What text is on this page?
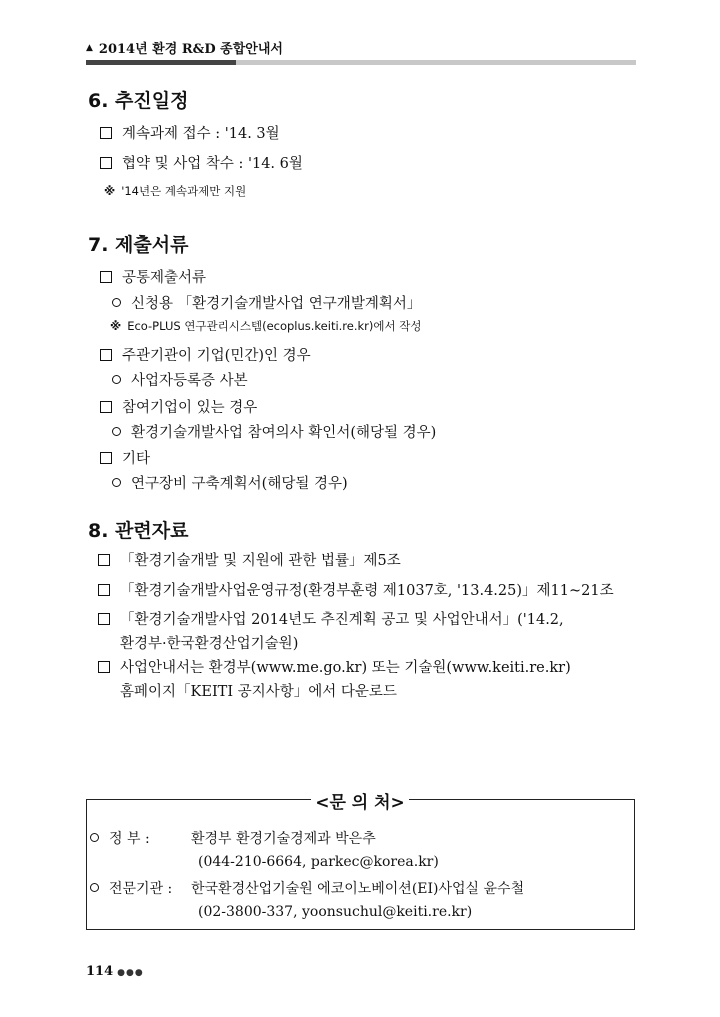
▲ 2014년 환경 R&D 종합안내서
6. 추진일정
계속과제 접수 : '14. 3월
협약 및 사업 착수 : '14. 6월
※ '14년은 계속과제만 지원
7. 제출서류
공통제출서류
신청용 「환경기술개발사업 연구개발계획서」
※ Eco-PLUS 연구관리시스템(ecoplus.keiti.re.kr)에서 작성
주관기관이 기업(민간)인 경우
사업자등록증 사본
참여기업이 있는 경우
환경기술개발사업 참여의사 확인서(해당될 경우)
기타
연구장비 구축계획서(해당될 경우)
8. 관련자료
「환경기술개발 및 지원에 관한 법률」제5조
「환경기술개발사업운영규정(환경부훈령 제1037호, '13.4.25)」제11~21조
「환경기술개발사업 2014년도 추진계획 공고 및 사업안내서」('14.2,
환경부·한국환경산업기술원)
사업안내서는 환경부(www.me.go.kr) 또는 기술원(www.keiti.re.kr)
홈페이지「KEITI 공지사항」에서 다운로드
<문 의 처>
정 부 :	환경부 환경기술경제과 박은추
(044-210-6664, parkec@korea.kr)
전문기관 : 한국환경산업기술원 에코이노베이션(EI)사업실 윤수철
(02-3800-337, yoonsuchul@keiti.re.kr)
114 ●●●
